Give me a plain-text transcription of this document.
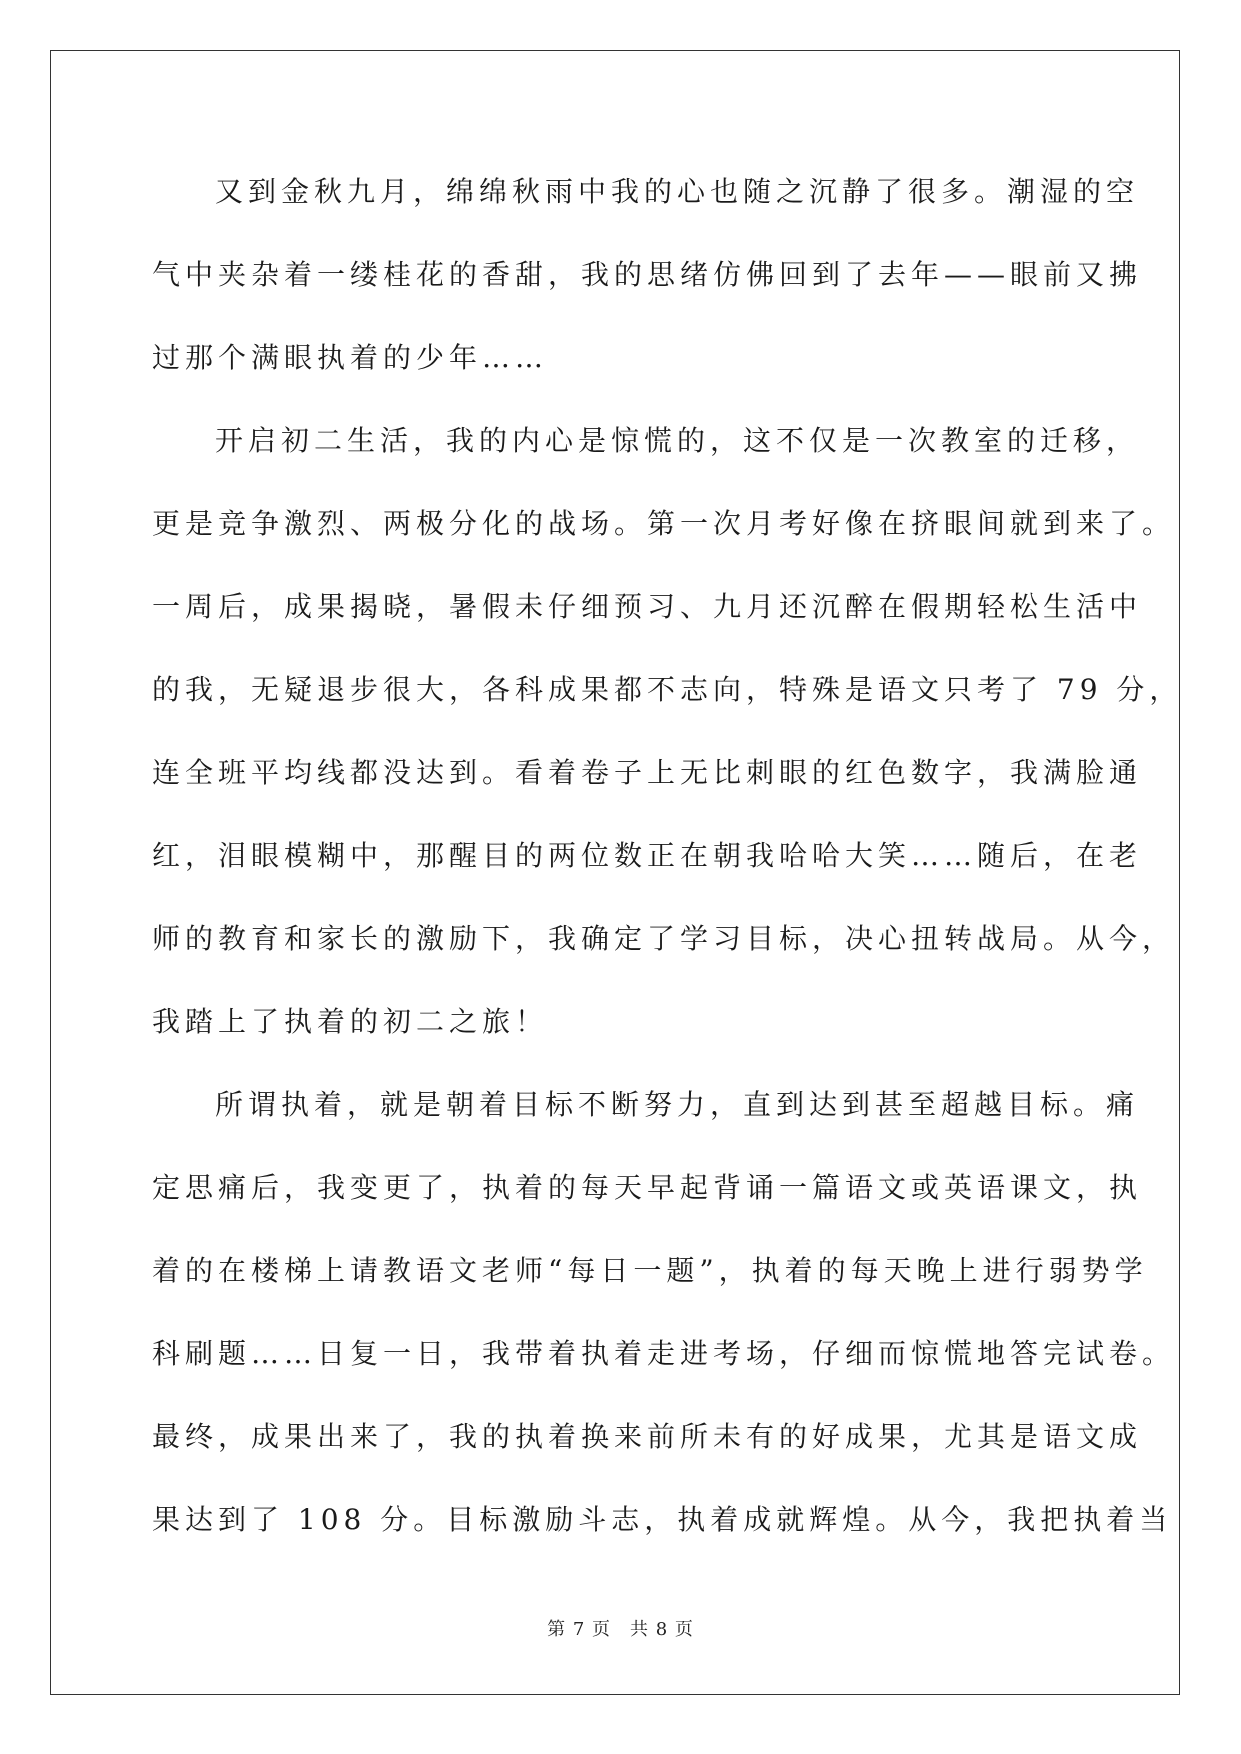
又到金秋九月，绵绵秋雨中我的心也随之沉静了很多。潮湿的空
气中夹杂着一缕桂花的香甜，我的思绪仿佛回到了去年——眼前又拂
过那个满眼执着的少年……
开启初二生活，我的内心是惊慌的，这不仅是一次教室的迁移，
更是竞争激烈、两极分化的战场。第一次月考好像在挤眼间就到来了。
一周后，成果揭晓，暑假未仔细预习、九月还沉醉在假期轻松生活中
的我，无疑退步很大，各科成果都不志向，特殊是语文只考了 79 分，
连全班平均线都没达到。看着卷子上无比刺眼的红色数字，我满脸通
红，泪眼模糊中，那醒目的两位数正在朝我哈哈大笑……随后，在老
师的教育和家长的激励下，我确定了学习目标，决心扭转战局。从今，
我踏上了执着的初二之旅！
所谓执着，就是朝着目标不断努力，直到达到甚至超越目标。痛
定思痛后，我变更了，执着的每天早起背诵一篇语文或英语课文，执
着的在楼梯上请教语文老师“每日一题”，执着的每天晚上进行弱势学
科刷题……日复一日，我带着执着走进考场，仔细而惊慌地答完试卷。
最终，成果出来了，我的执着换来前所未有的好成果，尤其是语文成
果达到了 108 分。目标激励斗志，执着成就辉煌。从今，我把执着当
第 7 页　共 8 页
